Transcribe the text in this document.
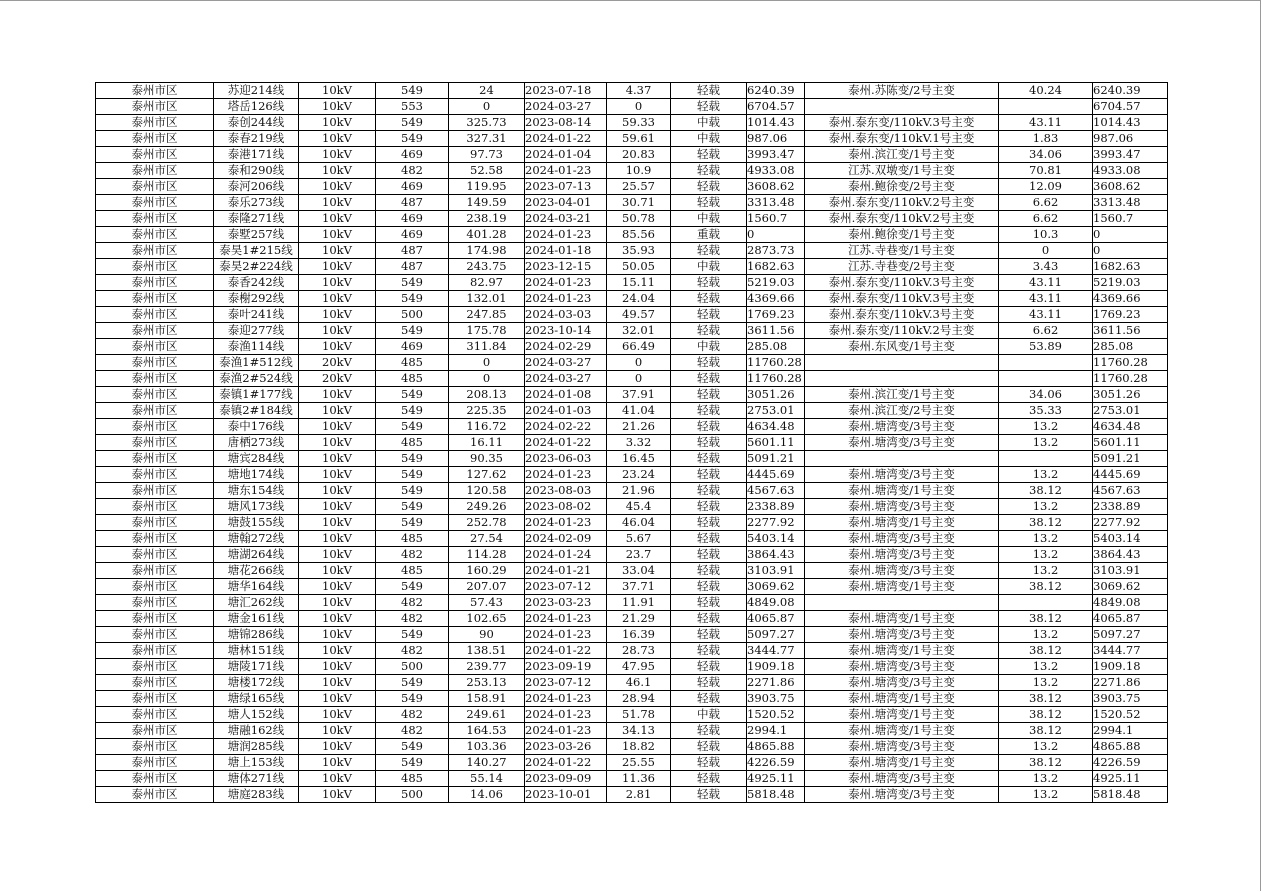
泰州市区	苏迎214线	10kV	549	24	2023-07-18	4.37	轻载	6240.39	泰州.苏陈变/2号主变	40.24	6240.39
泰州市区	塔岳126线	10kV	553	0	2024-03-27	0	轻载	6704.57			6704.57
泰州市区	泰创244线	10kV	549	325.73	2023-08-14	59.33	中载	1014.43	泰州.泰东变/110kV.3号主变	43.11	1014.43
泰州市区	泰春219线	10kV	549	327.31	2024-01-22	59.61	中载	987.06	泰州.泰东变/110kV.1号主变	1.83	987.06
泰州市区	泰港171线	10kV	469	97.73	2024-01-04	20.83	轻载	3993.47	泰州.滨江变/1号主变	34.06	3993.47
泰州市区	泰和290线	10kV	482	52.58	2024-01-23	10.9	轻载	4933.08	江苏.双墩变/1号主变	70.81	4933.08
泰州市区	泰河206线	10kV	469	119.95	2023-07-13	25.57	轻载	3608.62	泰州.鲍徐变/2号主变	12.09	3608.62
泰州市区	泰乐273线	10kV	487	149.59	2023-04-01	30.71	轻载	3313.48	泰州.泰东变/110kV.2号主变	6.62	3313.48
泰州市区	泰隆271线	10kV	469	238.19	2024-03-21	50.78	中载	1560.7	泰州.泰东变/110kV.2号主变	6.62	1560.7
泰州市区	泰墅257线	10kV	469	401.28	2024-01-23	85.56	重载	0	泰州.鲍徐变/1号主变	10.3	0
泰州市区	泰昊1#215线	10kV	487	174.98	2024-01-18	35.93	轻载	2873.73	江苏.寺巷变/1号主变	0	0
泰州市区	泰昊2#224线	10kV	487	243.75	2023-12-15	50.05	中载	1682.63	江苏.寺巷变/2号主变	3.43	1682.63
泰州市区	泰香242线	10kV	549	82.97	2024-01-23	15.11	轻载	5219.03	泰州.泰东变/110kV.3号主变	43.11	5219.03
泰州市区	泰榭292线	10kV	549	132.01	2024-01-23	24.04	轻载	4369.66	泰州.泰东变/110kV.3号主变	43.11	4369.66
泰州市区	泰叶241线	10kV	500	247.85	2024-03-03	49.57	轻载	1769.23	泰州.泰东变/110kV.3号主变	43.11	1769.23
泰州市区	泰迎277线	10kV	549	175.78	2023-10-14	32.01	轻载	3611.56	泰州.泰东变/110kV.2号主变	6.62	3611.56
泰州市区	泰渔114线	10kV	469	311.84	2024-02-29	66.49	中载	285.08	泰州.东风变/1号主变	53.89	285.08
泰州市区	泰渔1#512线	20kV	485	0	2024-03-27	0	轻载	11760.28			11760.28
泰州市区	泰渔2#524线	20kV	485	0	2024-03-27	0	轻载	11760.28			11760.28
泰州市区	泰镇1#177线	10kV	549	208.13	2024-01-08	37.91	轻载	3051.26	泰州.滨江变/1号主变	34.06	3051.26
泰州市区	泰镇2#184线	10kV	549	225.35	2024-01-03	41.04	轻载	2753.01	泰州.滨江变/2号主变	35.33	2753.01
泰州市区	泰中176线	10kV	549	116.72	2024-02-22	21.26	轻载	4634.48	泰州.塘湾变/3号主变	13.2	4634.48
泰州市区	唐栖273线	10kV	485	16.11	2024-01-22	3.32	轻载	5601.11	泰州.塘湾变/3号主变	13.2	5601.11
泰州市区	塘宾284线	10kV	549	90.35	2023-06-03	16.45	轻载	5091.21			5091.21
泰州市区	塘地174线	10kV	549	127.62	2024-01-23	23.24	轻载	4445.69	泰州.塘湾变/3号主变	13.2	4445.69
泰州市区	塘东154线	10kV	549	120.58	2023-08-03	21.96	轻载	4567.63	泰州.塘湾变/1号主变	38.12	4567.63
泰州市区	塘风173线	10kV	549	249.26	2023-08-02	45.4	轻载	2338.89	泰州.塘湾变/3号主变	13.2	2338.89
泰州市区	塘鼓155线	10kV	549	252.78	2024-01-23	46.04	轻载	2277.92	泰州.塘湾变/1号主变	38.12	2277.92
泰州市区	塘翰272线	10kV	485	27.54	2024-02-09	5.67	轻载	5403.14	泰州.塘湾变/3号主变	13.2	5403.14
泰州市区	塘湖264线	10kV	482	114.28	2024-01-24	23.7	轻载	3864.43	泰州.塘湾变/3号主变	13.2	3864.43
泰州市区	塘花266线	10kV	485	160.29	2024-01-21	33.04	轻载	3103.91	泰州.塘湾变/3号主变	13.2	3103.91
泰州市区	塘华164线	10kV	549	207.07	2023-07-12	37.71	轻载	3069.62	泰州.塘湾变/1号主变	38.12	3069.62
泰州市区	塘汇262线	10kV	482	57.43	2023-03-23	11.91	轻载	4849.08			4849.08
泰州市区	塘金161线	10kV	482	102.65	2024-01-23	21.29	轻载	4065.87	泰州.塘湾变/1号主变	38.12	4065.87
泰州市区	塘锦286线	10kV	549	90	2024-01-23	16.39	轻载	5097.27	泰州.塘湾变/3号主变	13.2	5097.27
泰州市区	塘林151线	10kV	482	138.51	2024-01-22	28.73	轻载	3444.77	泰州.塘湾变/1号主变	38.12	3444.77
泰州市区	塘陵171线	10kV	500	239.77	2023-09-19	47.95	轻载	1909.18	泰州.塘湾变/3号主变	13.2	1909.18
泰州市区	塘楼172线	10kV	549	253.13	2023-07-12	46.1	轻载	2271.86	泰州.塘湾变/3号主变	13.2	2271.86
泰州市区	塘绿165线	10kV	549	158.91	2024-01-23	28.94	轻载	3903.75	泰州.塘湾变/1号主变	38.12	3903.75
泰州市区	塘人152线	10kV	482	249.61	2024-01-23	51.78	中载	1520.52	泰州.塘湾变/1号主变	38.12	1520.52
泰州市区	塘融162线	10kV	482	164.53	2024-01-23	34.13	轻载	2994.1	泰州.塘湾变/1号主变	38.12	2994.1
泰州市区	塘润285线	10kV	549	103.36	2023-03-26	18.82	轻载	4865.88	泰州.塘湾变/3号主变	13.2	4865.88
泰州市区	塘上153线	10kV	549	140.27	2024-01-22	25.55	轻载	4226.59	泰州.塘湾变/1号主变	38.12	4226.59
泰州市区	塘体271线	10kV	485	55.14	2023-09-09	11.36	轻载	4925.11	泰州.塘湾变/3号主变	13.2	4925.11
泰州市区	塘庭283线	10kV	500	14.06	2023-10-01	2.81	轻载	5818.48	泰州.塘湾变/3号主变	13.2	5818.48
